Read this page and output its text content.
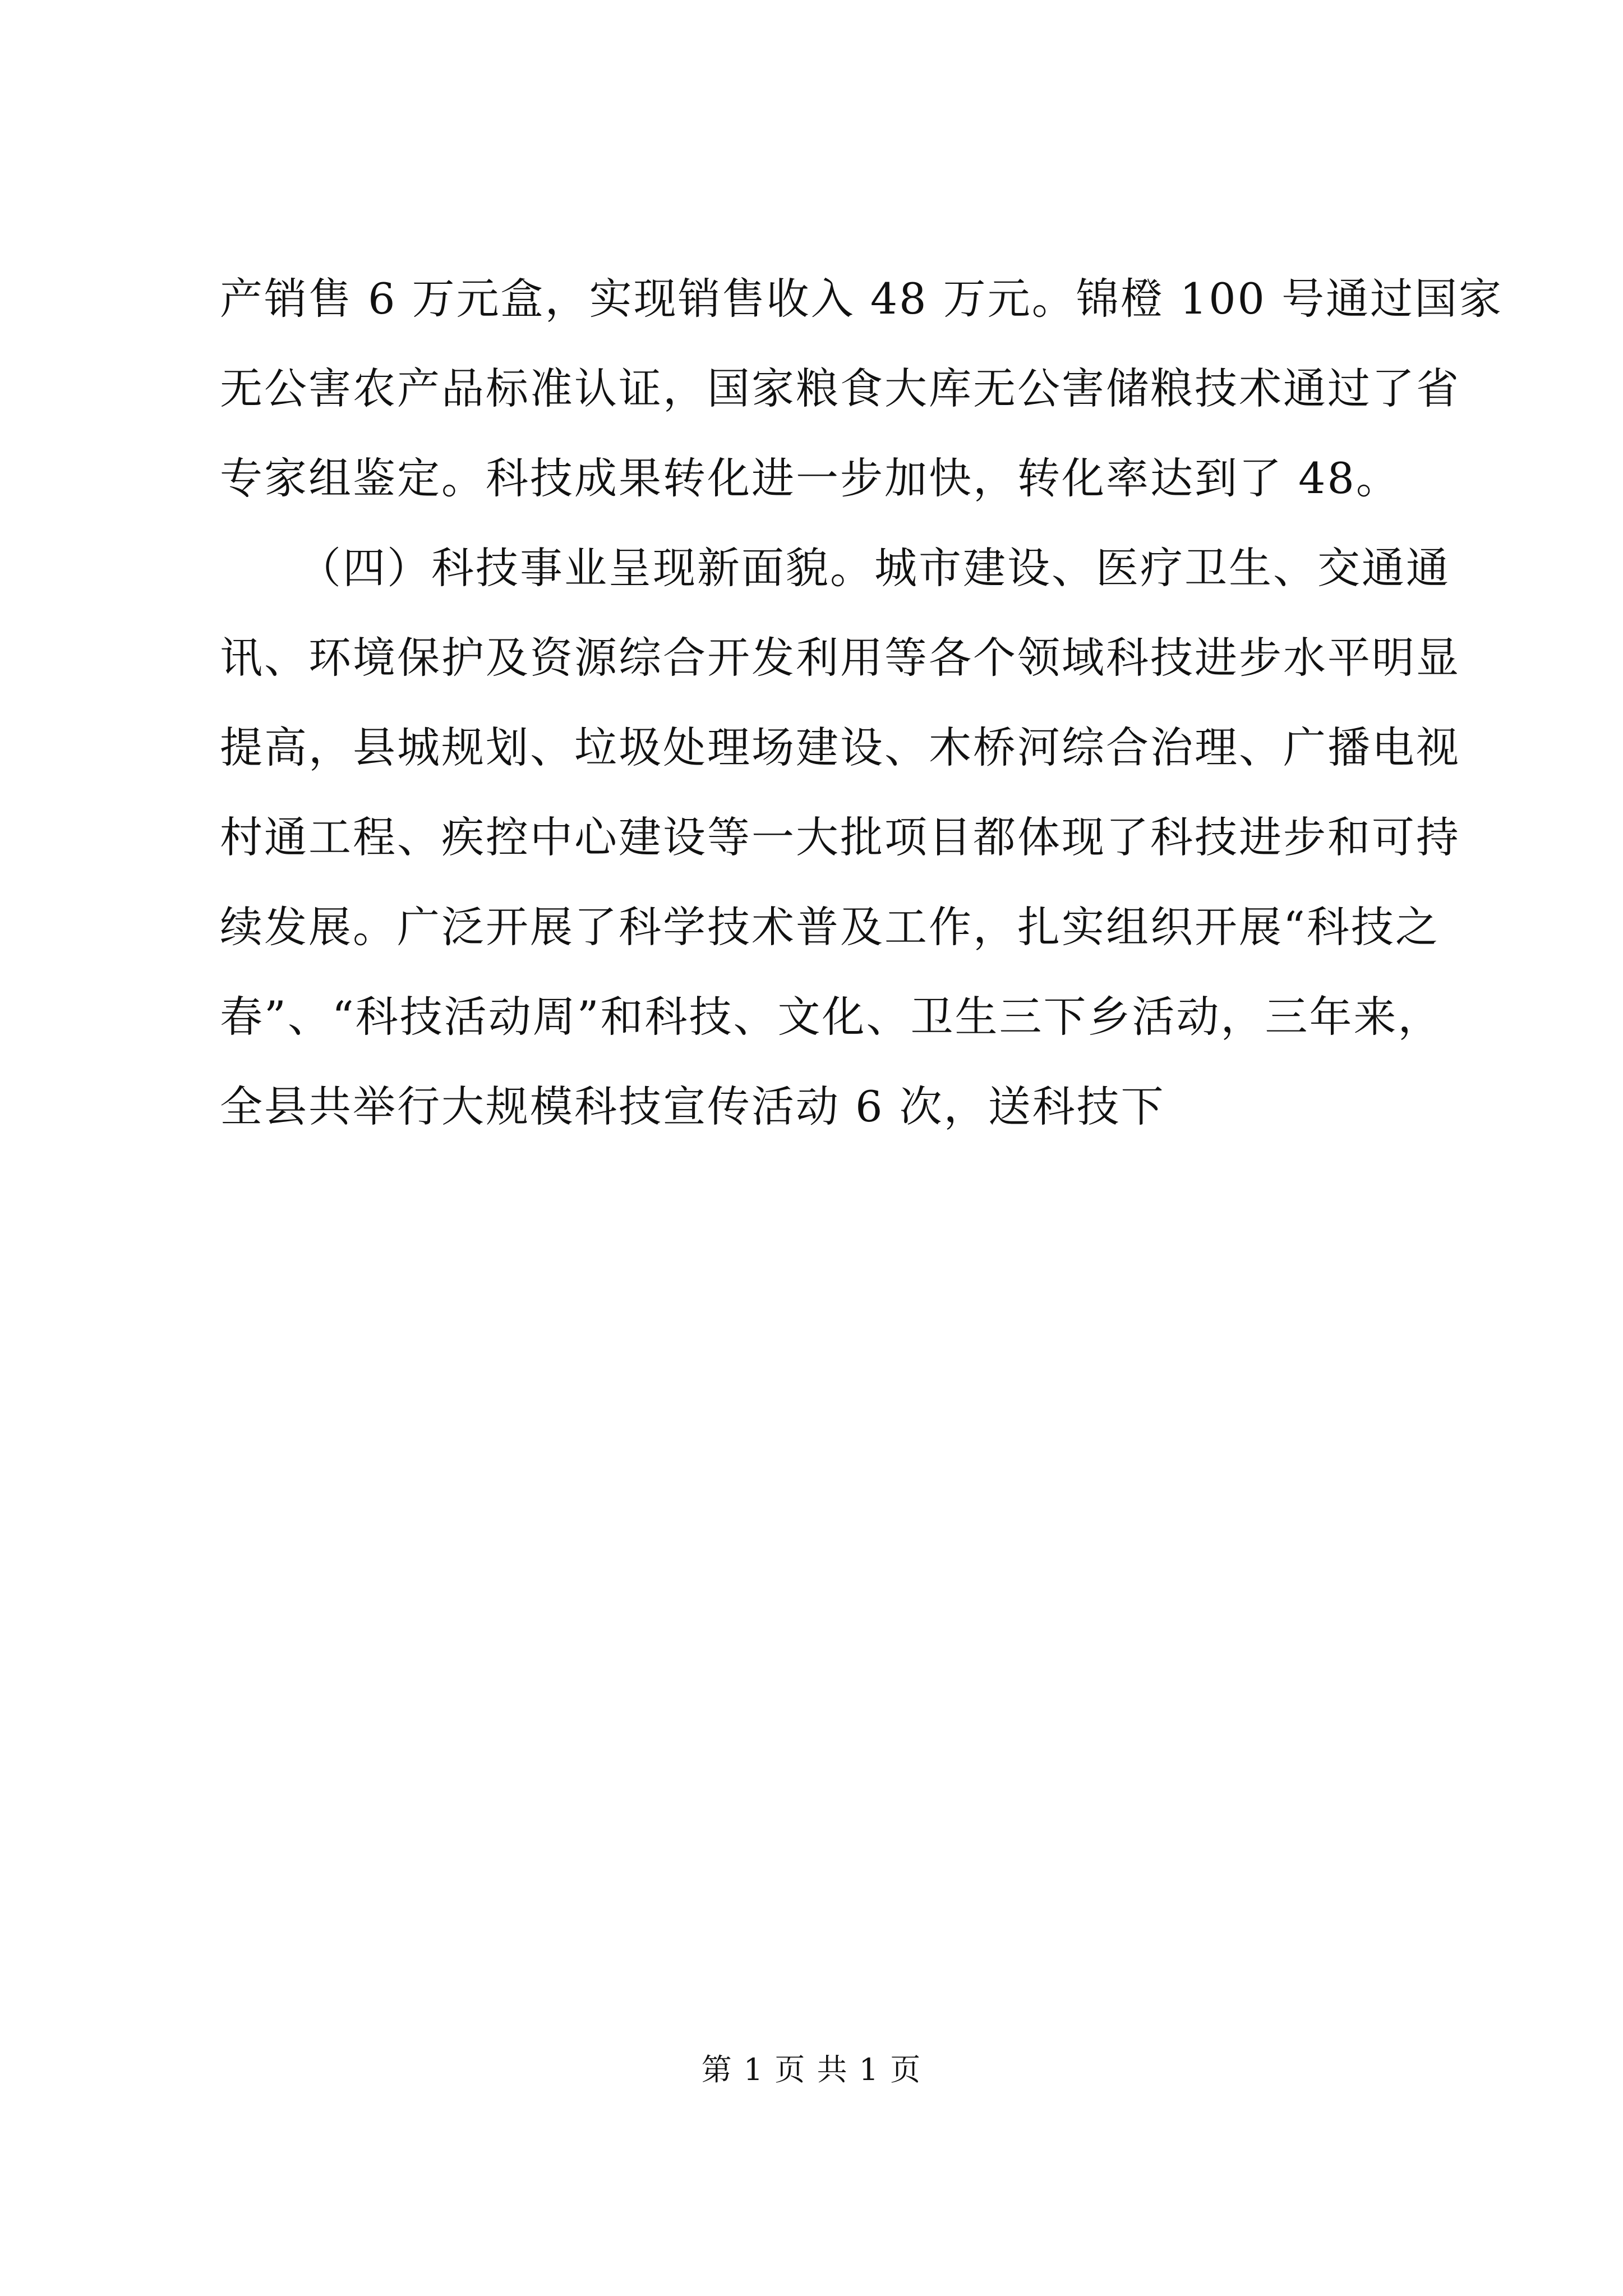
产销售 6 万元盒，实现销售收入 48 万元。锦橙 100 号通过国家
无公害农产品标准认证，国家粮食大库无公害储粮技术通过了省
专家组鉴定。科技成果转化进一步加快，转化率达到了 48。
（四）科技事业呈现新面貌。城市建设、医疗卫生、交通通
讯、环境保护及资源综合开发利用等各个领域科技进步水平明显
提高，县城规划、垃圾处理场建设、木桥河综合治理、广播电视
村通工程、疾控中心建设等一大批项目都体现了科技进步和可持
续发展。广泛开展了科学技术普及工作，扎实组织开展“科技之
春”、“科技活动周”和科技、文化、卫生三下乡活动，三年来，
全县共举行大规模科技宣传活动 6 次，送科技下
第 1 页 共 1 页
